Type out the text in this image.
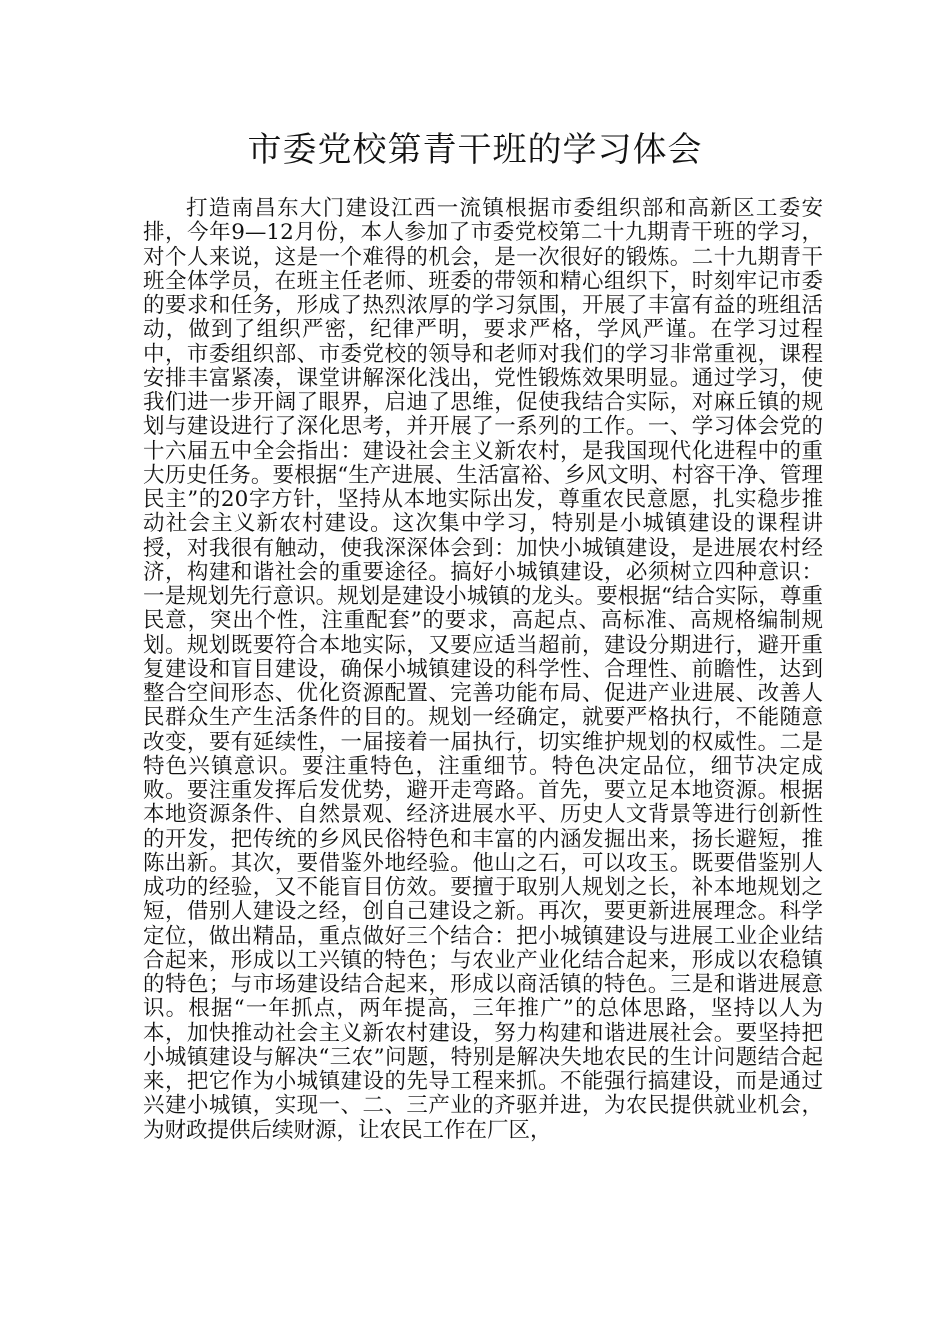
市委党校第青干班的学习体会

打造南昌东大门建设江西一流镇根据市委组织部和高新区工委安排，今年9—12月份，本人参加了市委党校第二十九期青干班的学习，对个人来说，这是一个难得的机会，是一次很好的锻炼。二十九期青干班全体学员，在班主任老师、班委的带领和精心组织下，时刻牢记市委的要求和任务，形成了热烈浓厚的学习氛围，开展了丰富有益的班组活动，做到了组织严密，纪律严明，要求严格，学风严谨。在学习过程中，市委组织部、市委党校的领导和老师对我们的学习非常重视，课程安排丰富紧凑，课堂讲解深化浅出，党性锻炼效果明显。通过学习，使我们进一步开阔了眼界，启迪了思维，促使我结合实际，对麻丘镇的规划与建设进行了深化思考，并开展了一系列的工作。一、学习体会党的十六届五中全会指出：建设社会主义新农村，是我国现代化进程中的重大历史任务。要根据“生产进展、生活富裕、乡风文明、村容干净、管理民主”的20字方针，坚持从本地实际出发，尊重农民意愿，扎实稳步推动社会主义新农村建设。这次集中学习，特别是小城镇建设的课程讲授，对我很有触动，使我深深体会到：加快小城镇建设，是进展农村经济，构建和谐社会的重要途径。搞好小城镇建设，必须树立四种意识：一是规划先行意识。规划是建设小城镇的龙头。要根据“结合实际，尊重民意，突出个性，注重配套”的要求，高起点、高标准、高规格编制规划。规划既要符合本地实际，又要应适当超前，建设分期进行，避开重复建设和盲目建设，确保小城镇建设的科学性、合理性、前瞻性，达到整合空间形态、优化资源配置、完善功能布局、促进产业进展、改善人民群众生产生活条件的目的。规划一经确定，就要严格执行，不能随意改变，要有延续性，一届接着一届执行，切实维护规划的权威性。二是特色兴镇意识。要注重特色，注重细节。特色决定品位，细节决定成败。要注重发挥后发优势，避开走弯路。首先，要立足本地资源。根据本地资源条件、自然景观、经济进展水平、历史人文背景等进行创新性的开发，把传统的乡风民俗特色和丰富的内涵发掘出来，扬长避短，推陈出新。其次，要借鉴外地经验。他山之石，可以攻玉。既要借鉴别人成功的经验，又不能盲目仿效。要擅于取别人规划之长，补本地规划之短，借别人建设之经，创自己建设之新。再次，要更新进展理念。科学定位，做出精品，重点做好三个结合：把小城镇建设与进展工业企业结合起来，形成以工兴镇的特色；与农业产业化结合起来，形成以农稳镇的特色；与市场建设结合起来，形成以商活镇的特色。三是和谐进展意识。根据“一年抓点，两年提高，三年推广”的总体思路，坚持以人为本，加快推动社会主义新农村建设，努力构建和谐进展社会。要坚持把小城镇建设与解决“三农”问题，特别是解决失地农民的生计问题结合起来，把它作为小城镇建设的先导工程来抓。不能强行搞建设，而是通过兴建小城镇，实现一、二、三产业的齐驱并进，为农民提供就业机会，为财政提供后续财源，让农民工作在厂区，
